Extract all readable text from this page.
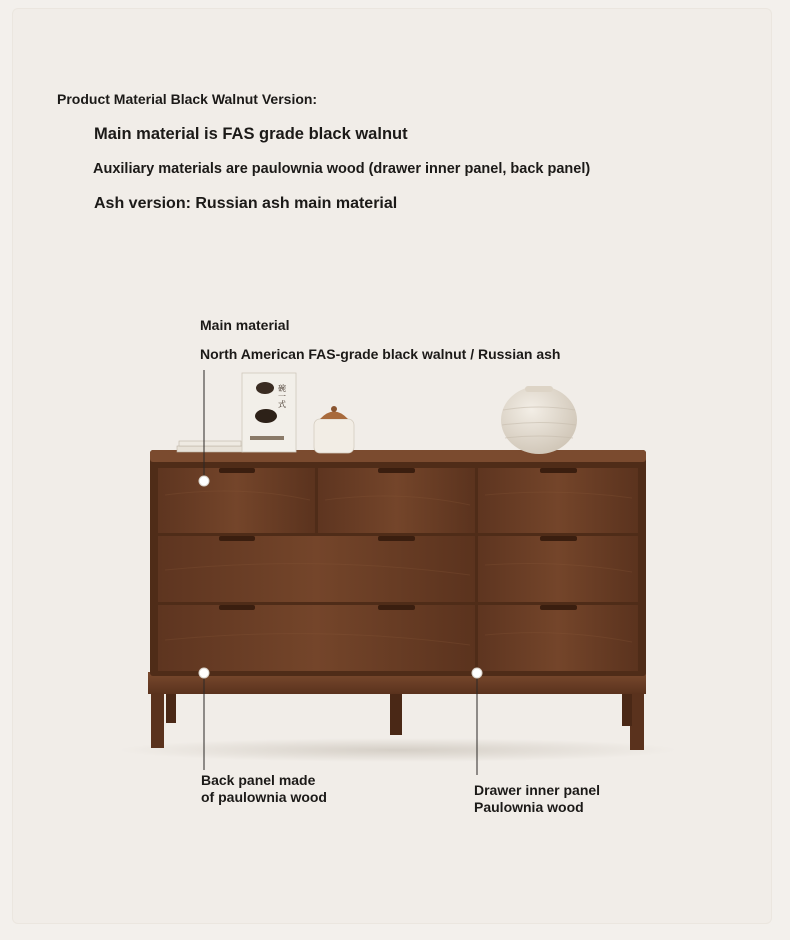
Product Material Black Walnut Version:
Main material is FAS grade black walnut
Auxiliary materials are paulownia wood (drawer inner panel, back panel)
Ash version: Russian ash main material
碗一式
Main material
North American FAS-grade black walnut / Russian ash
Back panel made of paulownia wood	Drawer inner panel
Paulownia wood
